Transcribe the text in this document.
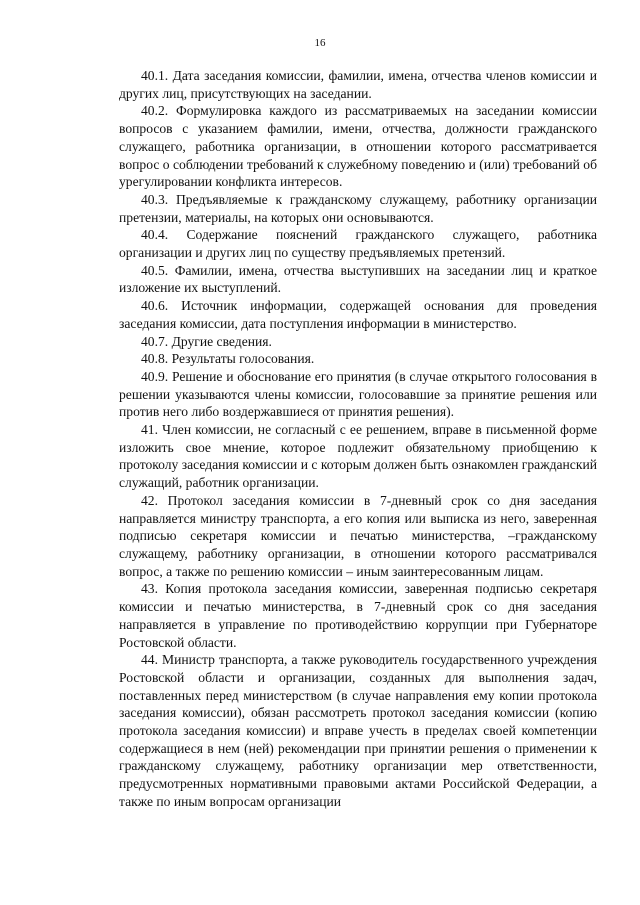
16

40.1. Дата заседания комиссии, фамилии, имена, отчества членов комиссии и других лиц, присутствующих на заседании.

40.2. Формулировка каждого из рассматриваемых на заседании комиссии вопросов с указанием фамилии, имени, отчества, должности гражданского служащего, работника организации, в отношении которого рассматривается вопрос о соблюдении требований к служебному поведению и (или) требований об урегулировании конфликта интересов.

40.3. Предъявляемые к гражданскому служащему, работнику организации претензии, материалы, на которых они основываются.

40.4. Содержание пояснений гражданского служащего, работника организации и других лиц по существу предъявляемых претензий.

40.5. Фамилии, имена, отчества выступивших на заседании лиц и краткое изложение их выступлений.

40.6. Источник информации, содержащей основания для проведения заседания комиссии, дата поступления информации в министерство.

40.7. Другие сведения.

40.8. Результаты голосования.

40.9. Решение и обоснование его принятия (в случае открытого голосования в решении указываются члены комиссии, голосовавшие за принятие решения или против него либо воздержавшиеся от принятия решения).

41. Член комиссии, не согласный с ее решением, вправе в письменной форме изложить свое мнение, которое подлежит обязательному приобщению к протоколу заседания комиссии и с которым должен быть ознакомлен гражданский служащий, работник организации.

42. Протокол заседания комиссии в 7-дневный срок со дня заседания направляется министру транспорта, а его копия или выписка из него, заверенная подписью секретаря комиссии и печатью министерства, –гражданскому служащему, работнику организации, в отношении которого рассматривался вопрос, а также по решению комиссии – иным заинтересованным лицам.

43. Копия протокола заседания комиссии, заверенная подписью секретаря комиссии и печатью министерства, в 7-дневный срок со дня заседания направляется в управление по противодействию коррупции при Губернаторе Ростовской области.

44. Министр транспорта, а также руководитель государственного учреждения Ростовской области и организации, созданных для выполнения задач, поставленных перед министерством (в случае направления ему копии протокола заседания комиссии), обязан рассмотреть протокол заседания комиссии (копию протокола заседания комиссии) и вправе учесть в пределах своей компетенции содержащиеся в нем (ней) рекомендации при принятии решения о применении к гражданскому служащему, работнику организации мер ответственности, предусмотренных нормативными правовыми актами Российской Федерации, а также по иным вопросам организации
